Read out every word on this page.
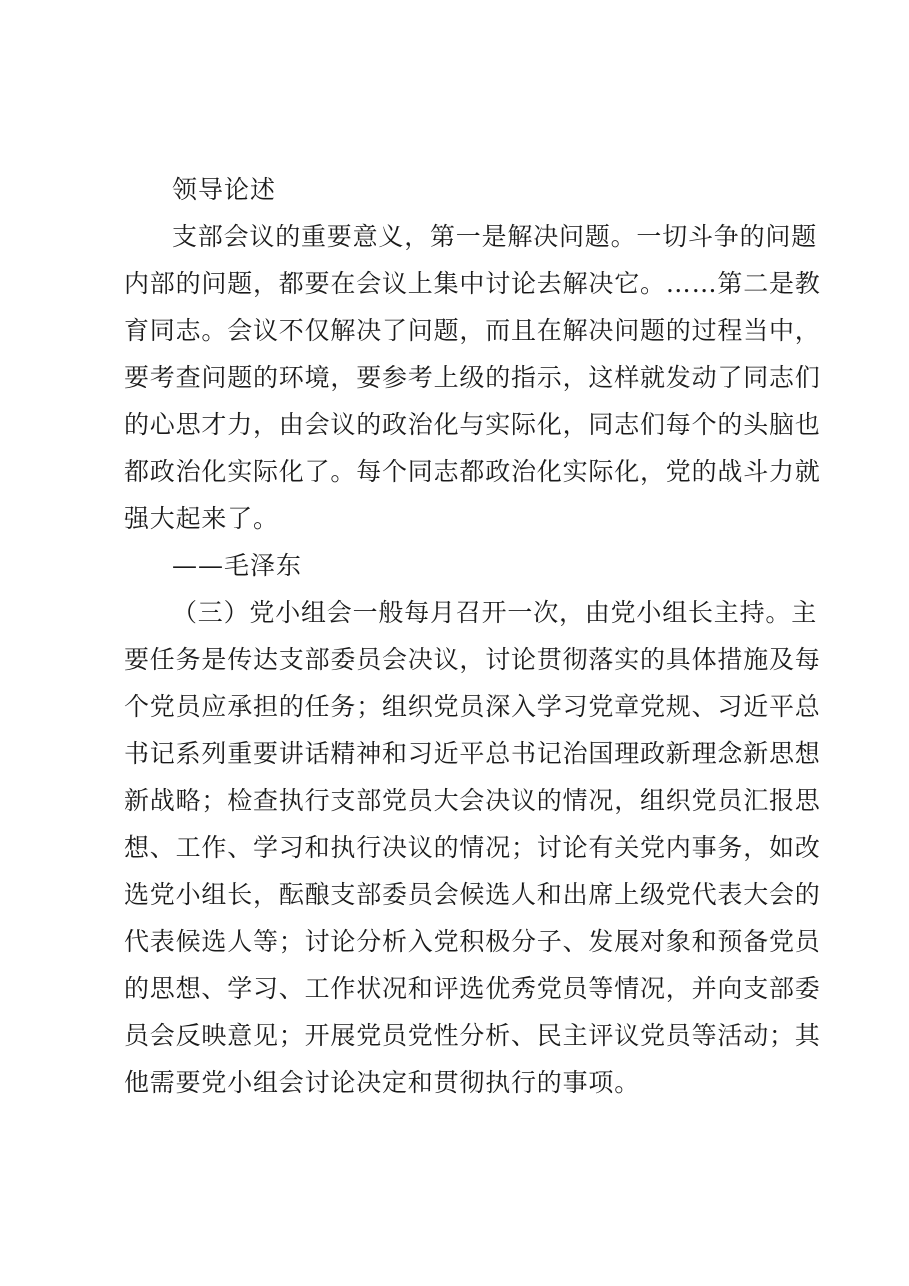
领导论述

支部会议的重要意义，第一是解决问题。一切斗争的问题
内部的问题，都要在会议上集中讨论去解决它。……第二是教
育同志。会议不仅解决了问题，而且在解决问题的过程当中，
要考查问题的环境，要参考上级的指示，这样就发动了同志们
的心思才力，由会议的政治化与实际化，同志们每个的头脑也
都政治化实际化了。每个同志都政治化实际化，党的战斗力就
强大起来了。

——毛泽东

（三）党小组会一般每月召开一次，由党小组长主持。主
要任务是传达支部委员会决议，讨论贯彻落实的具体措施及每
个党员应承担的任务；组织党员深入学习党章党规、习近平总
书记系列重要讲话精神和习近平总书记治国理政新理念新思想
新战略；检查执行支部党员大会决议的情况，组织党员汇报思
想、工作、学习和执行决议的情况；讨论有关党内事务，如改
选党小组长，酝酿支部委员会候选人和出席上级党代表大会的
代表候选人等；讨论分析入党积极分子、发展对象和预备党员
的思想、学习、工作状况和评选优秀党员等情况，并向支部委
员会反映意见；开展党员党性分析、民主评议党员等活动；其
他需要党小组会讨论决定和贯彻执行的事项。
